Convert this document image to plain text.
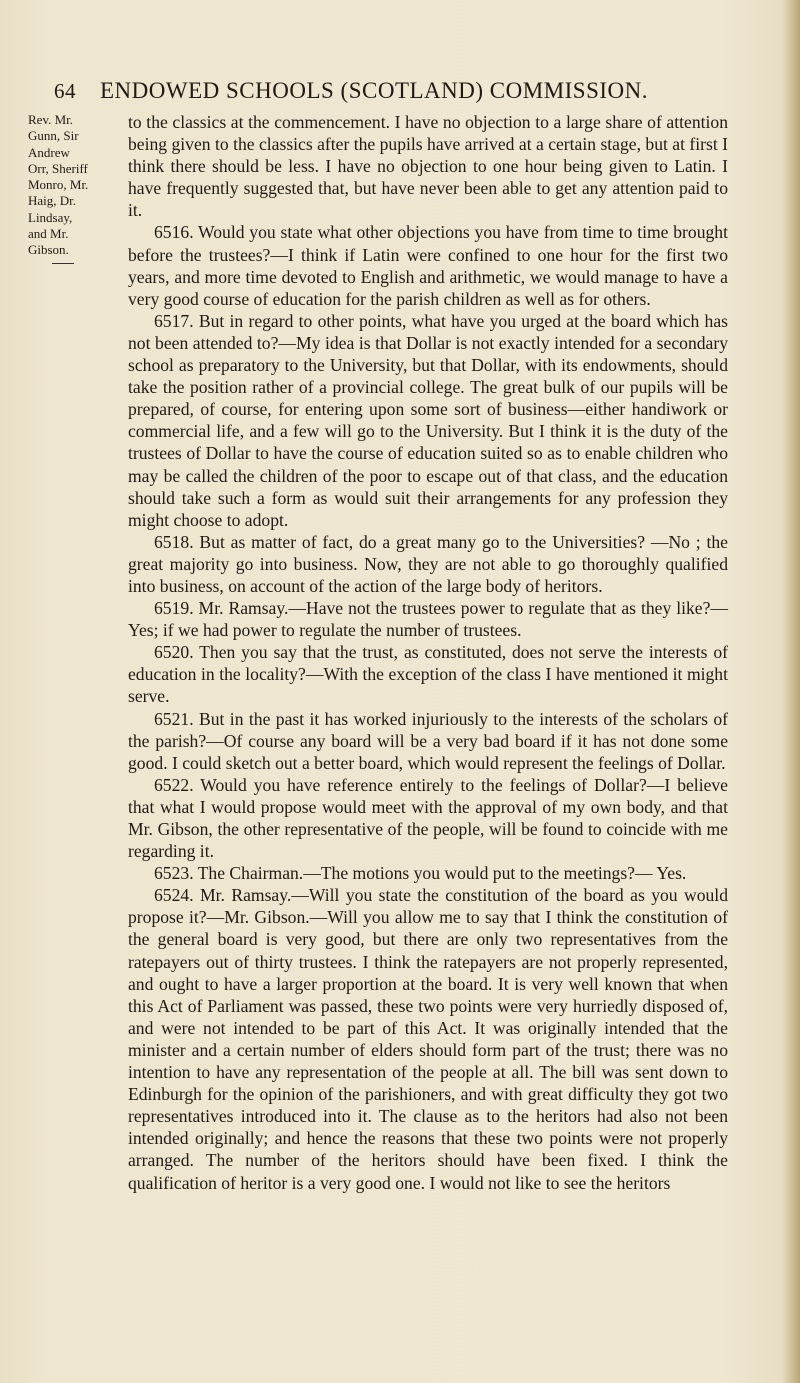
64 ENDOWED SCHOOLS (SCOTLAND) COMMISSION.
Rev. Mr.
Gunn, Sir
Andrew
Orr, Sheriff
Monro, Mr.
Haig, Dr.
Lindsay,
and Mr.
Gibson.

to the classics at the commencement. I have no objection to a large share of attention being given to the classics after the pupils have arrived at a certain stage, but at first I think there should be less. I have no objection to one hour being given to Latin. I have frequently suggested that, but have never been able to get any attention paid to it.

6516. Would you state what other objections you have from time to time brought before the trustees?—I think if Latin were confined to one hour for the first two years, and more time devoted to English and arithmetic, we would manage to have a very good course of education for the parish children as well as for others.

6517. But in regard to other points, what have you urged at the board which has not been attended to?—My idea is that Dollar is not exactly intended for a secondary school as preparatory to the University, but that Dollar, with its endowments, should take the position rather of a provincial college. The great bulk of our pupils will be prepared, of course, for entering upon some sort of business—either handiwork or commercial life, and a few will go to the University. But I think it is the duty of the trustees of Dollar to have the course of education suited so as to enable children who may be called the children of the poor to escape out of that class, and the education should take such a form as would suit their arrangements for any profession they might choose to adopt.

6518. But as matter of fact, do a great many go to the Universities? —No ; the great majority go into business. Now, they are not able to go thoroughly qualified into business, on account of the action of the large body of heritors.

6519. Mr. Ramsay.—Have not the trustees power to regulate that as they like?—Yes; if we had power to regulate the number of trustees.

6520. Then you say that the trust, as constituted, does not serve the interests of education in the locality?—With the exception of the class I have mentioned it might serve.

6521. But in the past it has worked injuriously to the interests of the scholars of the parish?—Of course any board will be a very bad board if it has not done some good. I could sketch out a better board, which would represent the feelings of Dollar.

6522. Would you have reference entirely to the feelings of Dollar?—I believe that what I would propose would meet with the approval of my own body, and that Mr. Gibson, the other representative of the people, will be found to coincide with me regarding it.

6523. The Chairman.—The motions you would put to the meetings?— Yes.

6524. Mr. Ramsay.—Will you state the constitution of the board as you would propose it?—Mr. Gibson.—Will you allow me to say that I think the constitution of the general board is very good, but there are only two representatives from the ratepayers out of thirty trustees. I think the ratepayers are not properly represented, and ought to have a larger proportion at the board. It is very well known that when this Act of Parliament was passed, these two points were very hurriedly disposed of, and were not intended to be part of this Act. It was originally intended that the minister and a certain number of elders should form part of the trust; there was no intention to have any representation of the people at all. The bill was sent down to Edinburgh for the opinion of the parishioners, and with great difficulty they got two representatives introduced into it. The clause as to the heritors had also not been intended originally; and hence the reasons that these two points were not properly arranged. The number of the heritors should have been fixed. I think the qualification of heritor is a very good one. I would not like to see the heritors
